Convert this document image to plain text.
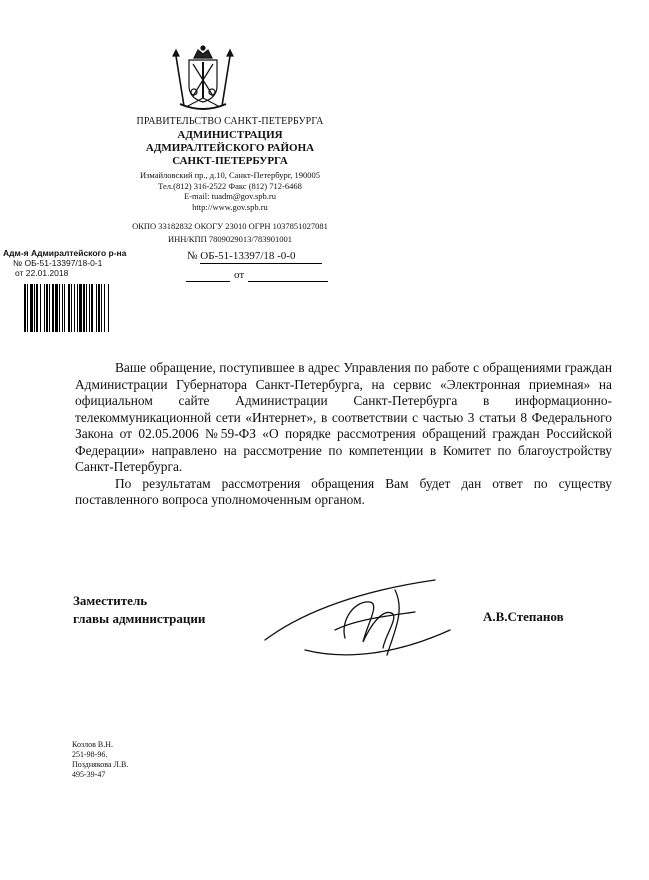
ПРАВИТЕЛЬСТВО САНКТ-ПЕТЕРБУРГА
АДМИНИСТРАЦИЯ
АДМИРАЛТЕЙСКОГО РАЙОНА
САНКТ-ПЕТЕРБУРГА
Измайловский пр., д.10, Санкт-Петербург, 190005
Тел.(812) 316-2522 Факс (812) 712-6468
E-mail: tuadm@gov.spb.ru
http://www.gov.spb.ru
ОКПО 33182832 ОКОГУ 23010 ОГРН 1037851027081
ИНН/КПП 7809029013/783901001
Адм-я Адмиралтейского р-на
№ ОБ-51-13397/18-0-1
от 22.01.2018
№ ОБ-51-13397/18 -0-0
от

Ваше обращение, поступившее в адрес Управления по работе с обращениями граждан Администрации Губернатора Санкт-Петербурга, на сервис «Электронная приемная» на официальном сайте Администрации Санкт-Петербурга в информационно-телекоммуникационной сети «Интернет», в соответствии с частью 3 статьи 8 Федерального Закона от 02.05.2006 №59-ФЗ «О порядке рассмотрения обращений граждан Российской Федерации» направлено на рассмотрение по компетенции в Комитет по благоустройству Санкт-Петербурга.

По результатам рассмотрения обращения Вам будет дан ответ по существу поставленного вопроса уполномоченным органом.

Заместитель
главы администрации	А.В.Степанов
Козлов В.Н.
251-98-96.
Позднякова Л.В.
495-39-47
